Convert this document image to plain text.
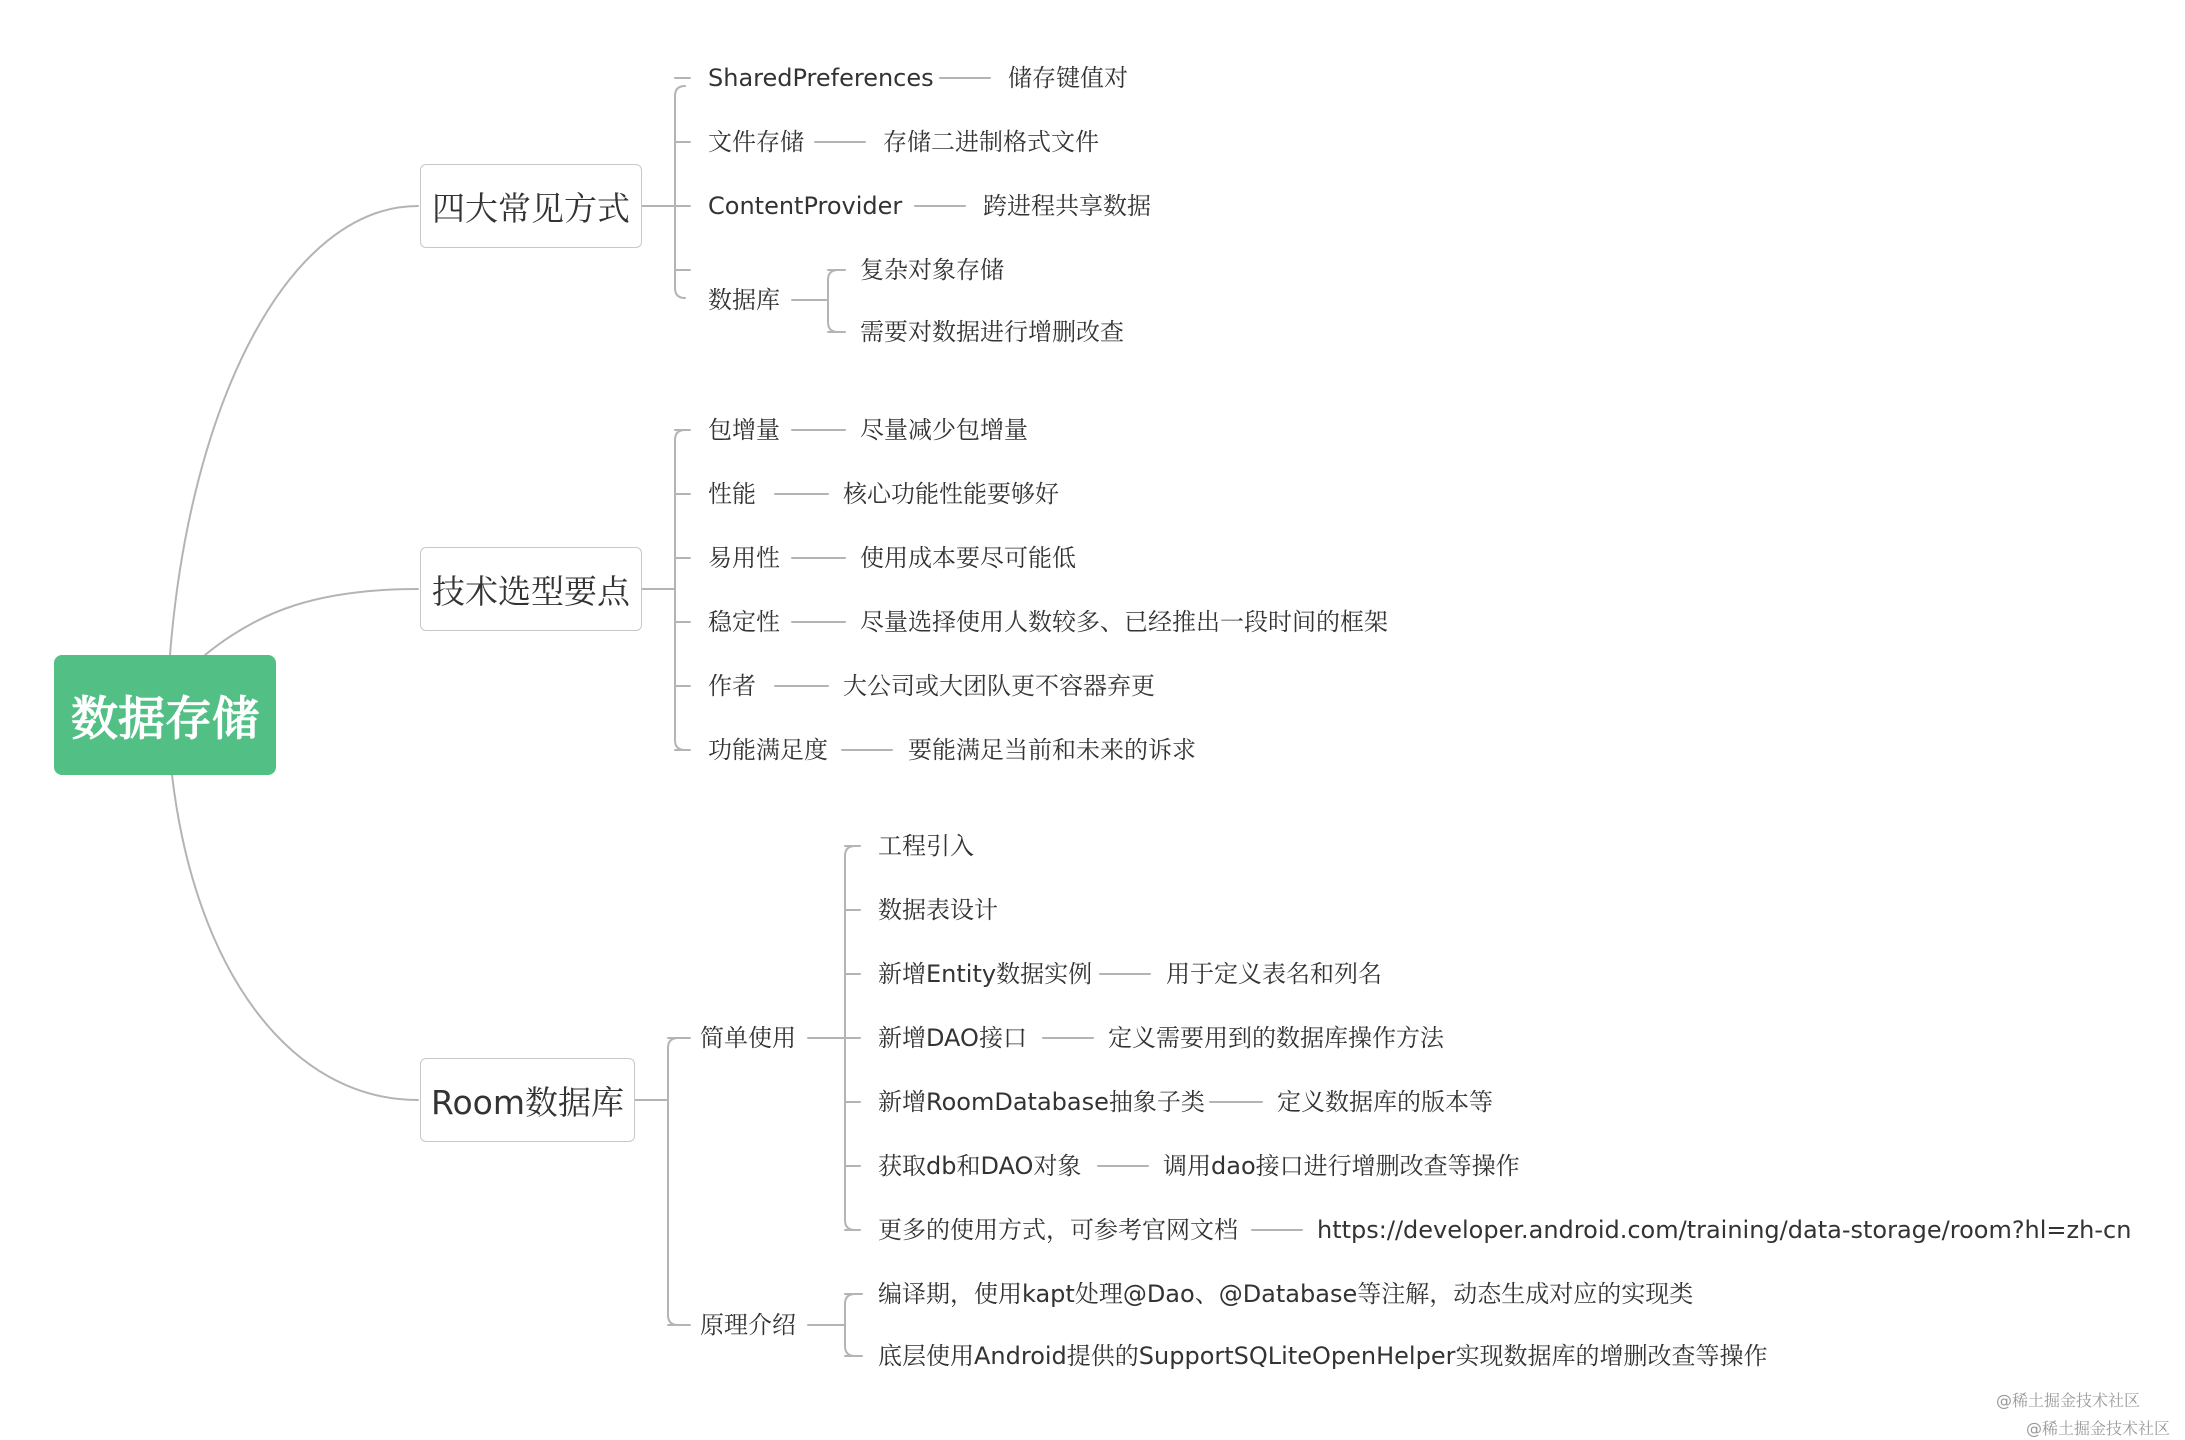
数据存储
四大常见方式
技术选型要点
Room数据库
SharedPreferences	储存键值对
文件存储	存储二进制格式文件
ContentProvider	跨进程共享数据
数据库
复杂对象存储
需要对数据进行增删改查
包增量	尽量减少包增量
性能	核心功能性能要够好
易用性	使用成本要尽可能低
稳定性	尽量选择使用人数较多、已经推出一段时间的框架
作者	大公司或大团队更不容器弃更
功能满足度	要能满足当前和未来的诉求
简单使用
工程引入
数据表设计
新增Entity数据实例	用于定义表名和列名
新增DAO接口	定义需要用到的数据库操作方法
新增RoomDatabase抽象子类	定义数据库的版本等
获取db和DAO对象	调用dao接口进行增删改查等操作
更多的使用方式，可参考官网文档	https://developer.android.com/training/data-storage/room?hl=zh-cn
原理介绍
编译期，使用kapt处理@Dao、@Database等注解，动态生成对应的实现类
底层使用Android提供的SupportSQLiteOpenHelper实现数据库的增删改查等操作
@稀土掘金技术社区
@稀土掘金技术社区
